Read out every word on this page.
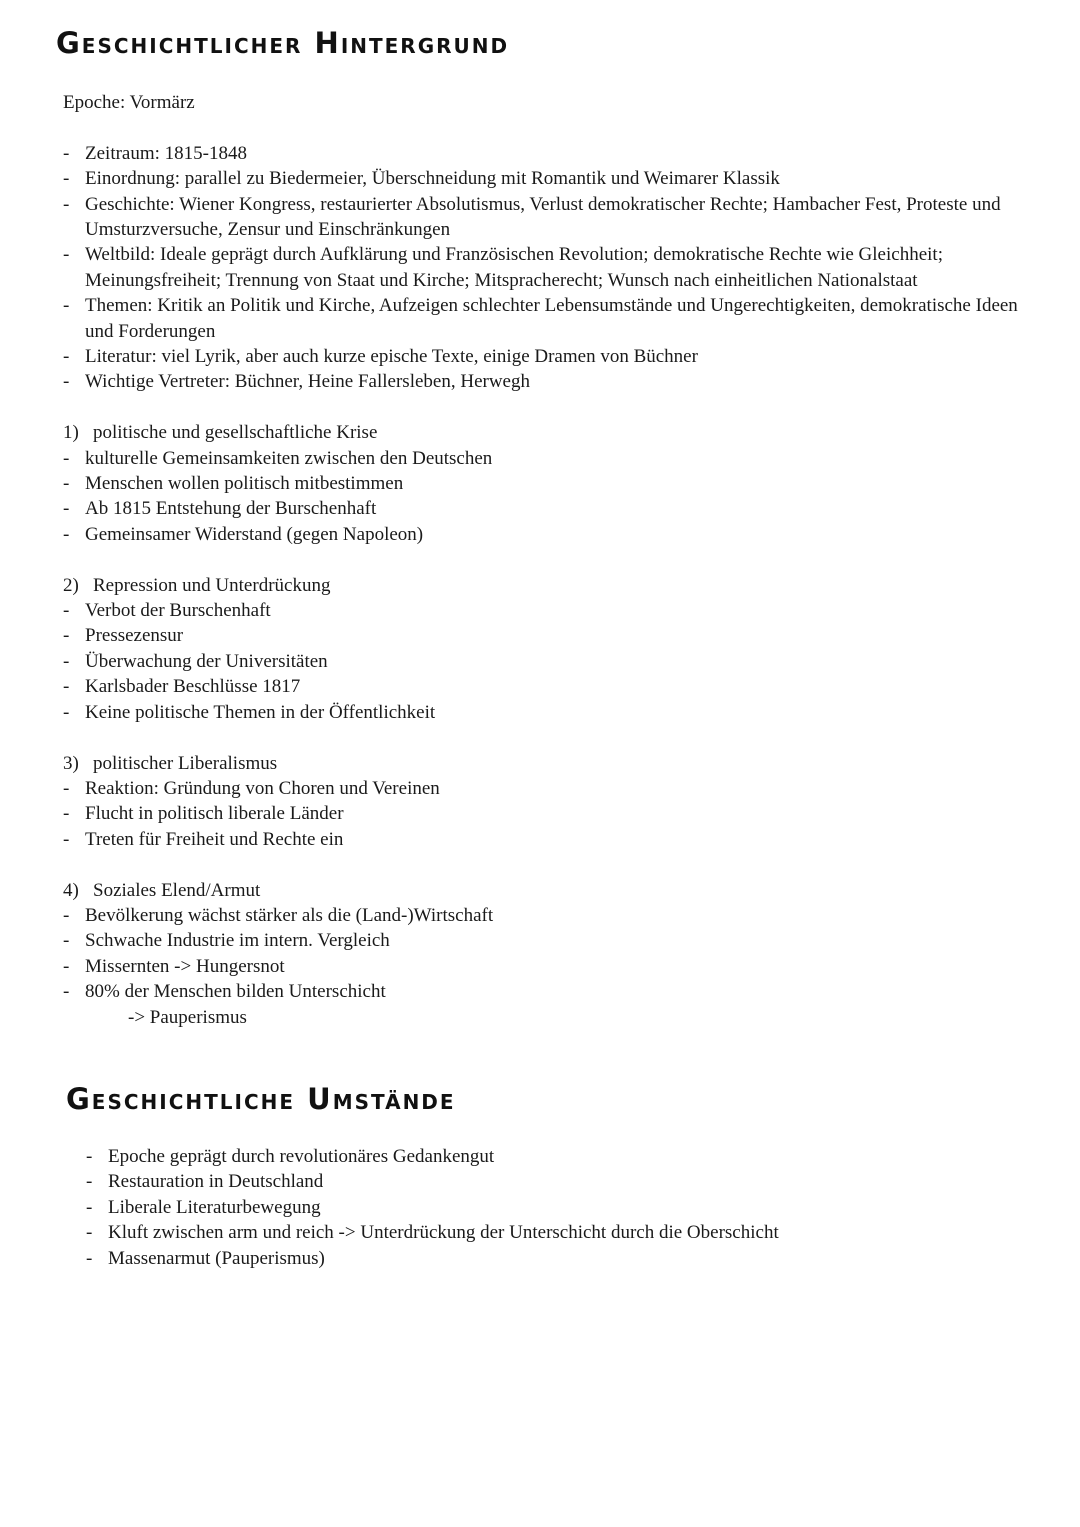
Geschichtlicher Hintergrund
Epoche: Vormärz
- Zeitraum: 1815-1848
- Einordnung: parallel zu Biedermeier, Überschneidung mit Romantik und Weimarer Klassik
- Geschichte: Wiener Kongress, restaurierter Absolutismus, Verlust demokratischer Rechte; Hambacher Fest, Proteste und Umsturzversuche, Zensur und Einschränkungen
- Weltbild: Ideale geprägt durch Aufklärung und Französischen Revolution; demokratische Rechte wie Gleichheit; Meinungsfreiheit; Trennung von Staat und Kirche; Mitspracherecht; Wunsch nach einheitlichen Nationalstaat
- Themen: Kritik an Politik und Kirche, Aufzeigen schlechter Lebensumstände und Ungerechtigkeiten, demokratische Ideen und Forderungen
- Literatur: viel Lyrik, aber auch kurze epische Texte, einige Dramen von Büchner
- Wichtige Vertreter: Büchner, Heine Fallersleben, Herwegh
1) politische und gesellschaftliche Krise
- kulturelle Gemeinsamkeiten zwischen den Deutschen
- Menschen wollen politisch mitbestimmen
- Ab 1815 Entstehung der Burschenhaft
- Gemeinsamer Widerstand (gegen Napoleon)
2) Repression und Unterdrückung
- Verbot der Burschenhaft
- Pressezensur
- Überwachung der Universitäten
- Karlsbader Beschlüsse 1817
- Keine politische Themen in der Öffentlichkeit
3) politischer Liberalismus
- Reaktion: Gründung von Choren und Vereinen
- Flucht in politisch liberale Länder
- Treten für Freiheit und Rechte ein
4) Soziales Elend/Armut
- Bevölkerung wächst stärker als die (Land-)Wirtschaft
- Schwache Industrie im intern. Vergleich
- Missernten -> Hungersnot
- 80% der Menschen bilden Unterschicht
-> Pauperismus
Geschichtliche Umstände
- Epoche geprägt durch revolutionäres Gedankengut
- Restauration in Deutschland
- Liberale Literaturbewegung
- Kluft zwischen arm und reich -> Unterdrückung der Unterschicht durch die Oberschicht
- Massenarmut (Pauperismus)
